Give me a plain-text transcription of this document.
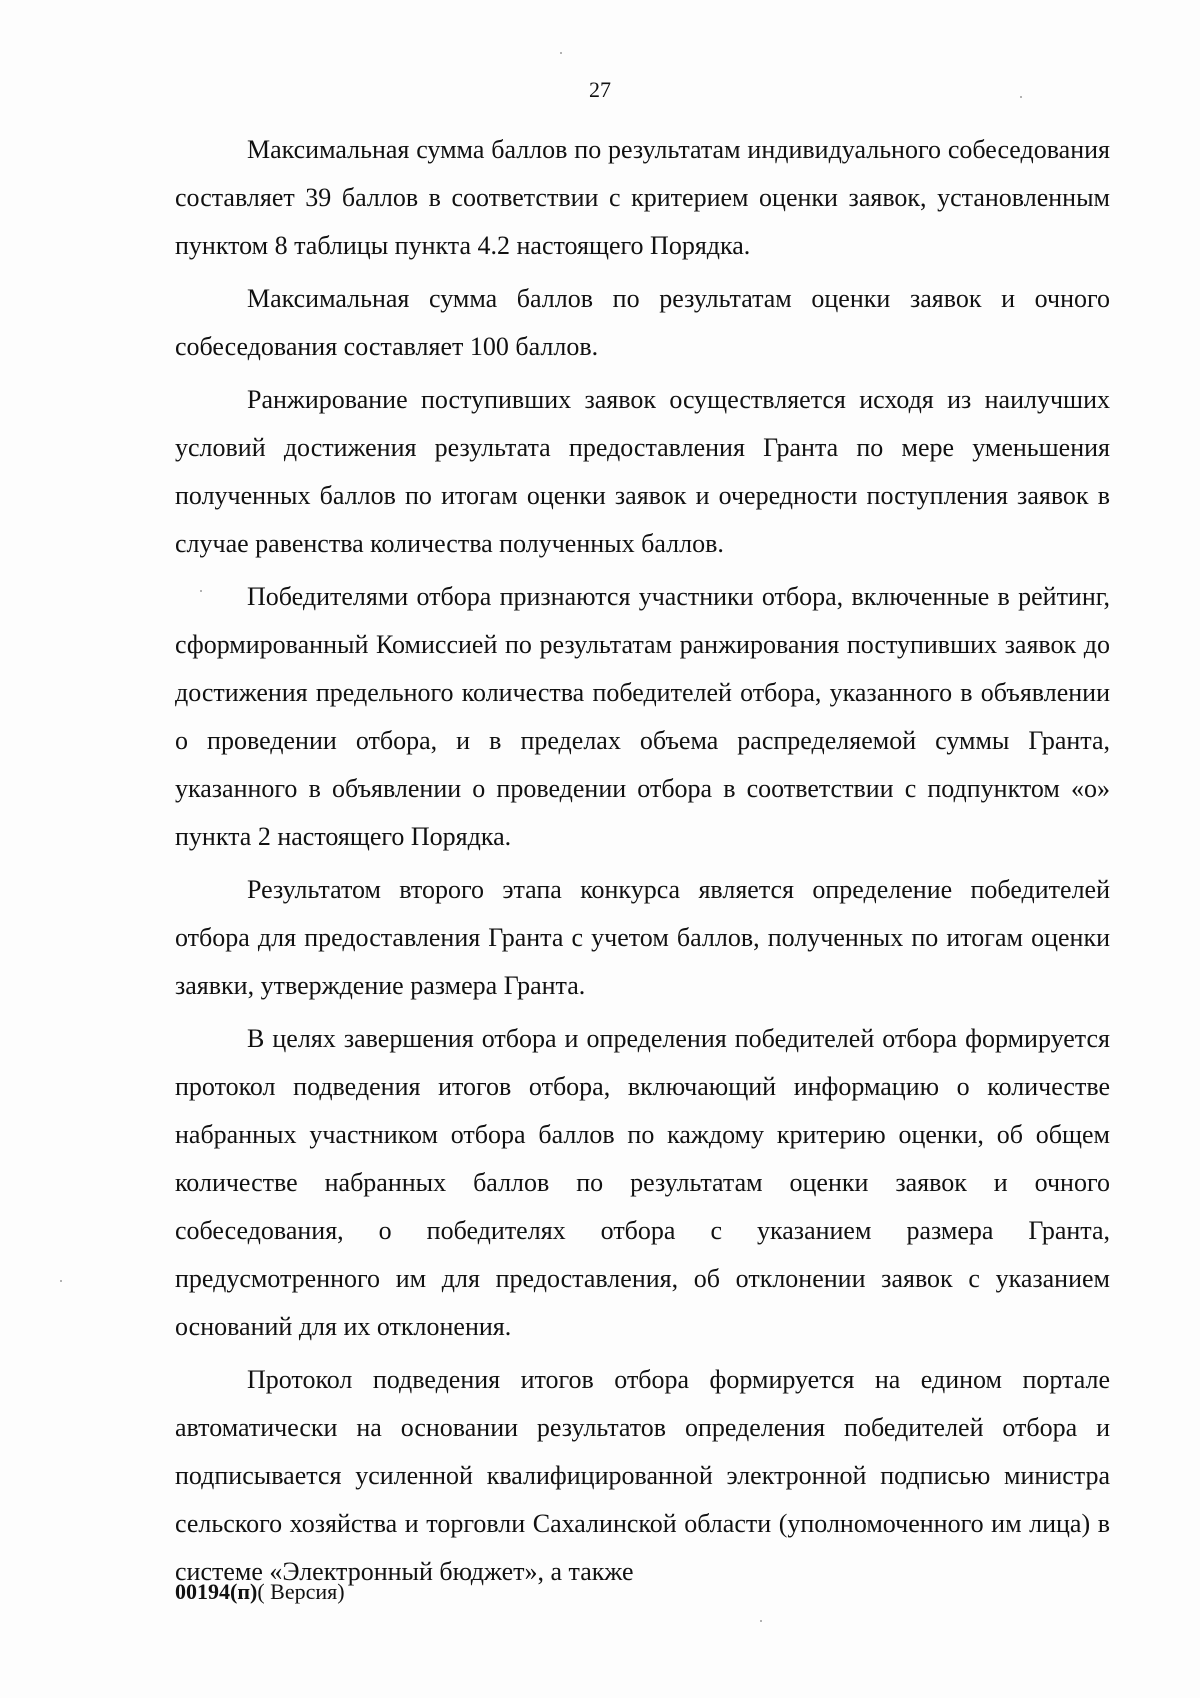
27

Максимальная сумма баллов по результатам индивидуального собеседования составляет 39 баллов в соответствии с критерием оценки заявок, установленным пунктом 8 таблицы пункта 4.2 настоящего Порядка.

Максимальная сумма баллов по результатам оценки заявок и очного собеседования составляет 100 баллов.

Ранжирование поступивших заявок осуществляется исходя из наилучших условий достижения результата предоставления Гранта по мере уменьшения полученных баллов по итогам оценки заявок и очередности поступления заявок в случае равенства количества полученных баллов.

Победителями отбора признаются участники отбора, включенные в рейтинг, сформированный Комиссией по результатам ранжирования поступивших заявок до достижения предельного количества победителей отбора, указанного в объявлении о проведении отбора, и в пределах объема распределяемой суммы Гранта, указанного в объявлении о проведении отбора в соответствии с подпунктом «о» пункта 2 настоящего Порядка.

Результатом второго этапа конкурса является определение победителей отбора для предоставления Гранта с учетом баллов, полученных по итогам оценки заявки, утверждение размера Гранта.

В целях завершения отбора и определения победителей отбора формируется протокол подведения итогов отбора, включающий информацию о количестве набранных участником отбора баллов по каждому критерию оценки, об общем количестве набранных баллов по результатам оценки заявок и очного собеседования, о победителях отбора с указанием размера Гранта, предусмотренного им для предоставления, об отклонении заявок с указанием оснований для их отклонения.

Протокол подведения итогов отбора формируется на едином портале автоматически на основании результатов определения победителей отбора и подписывается усиленной квалифицированной электронной подписью министра сельского хозяйства и торговли Сахалинской области (уполномоченного им лица) в системе «Электронный бюджет», а также

00194(п)( Версия)
